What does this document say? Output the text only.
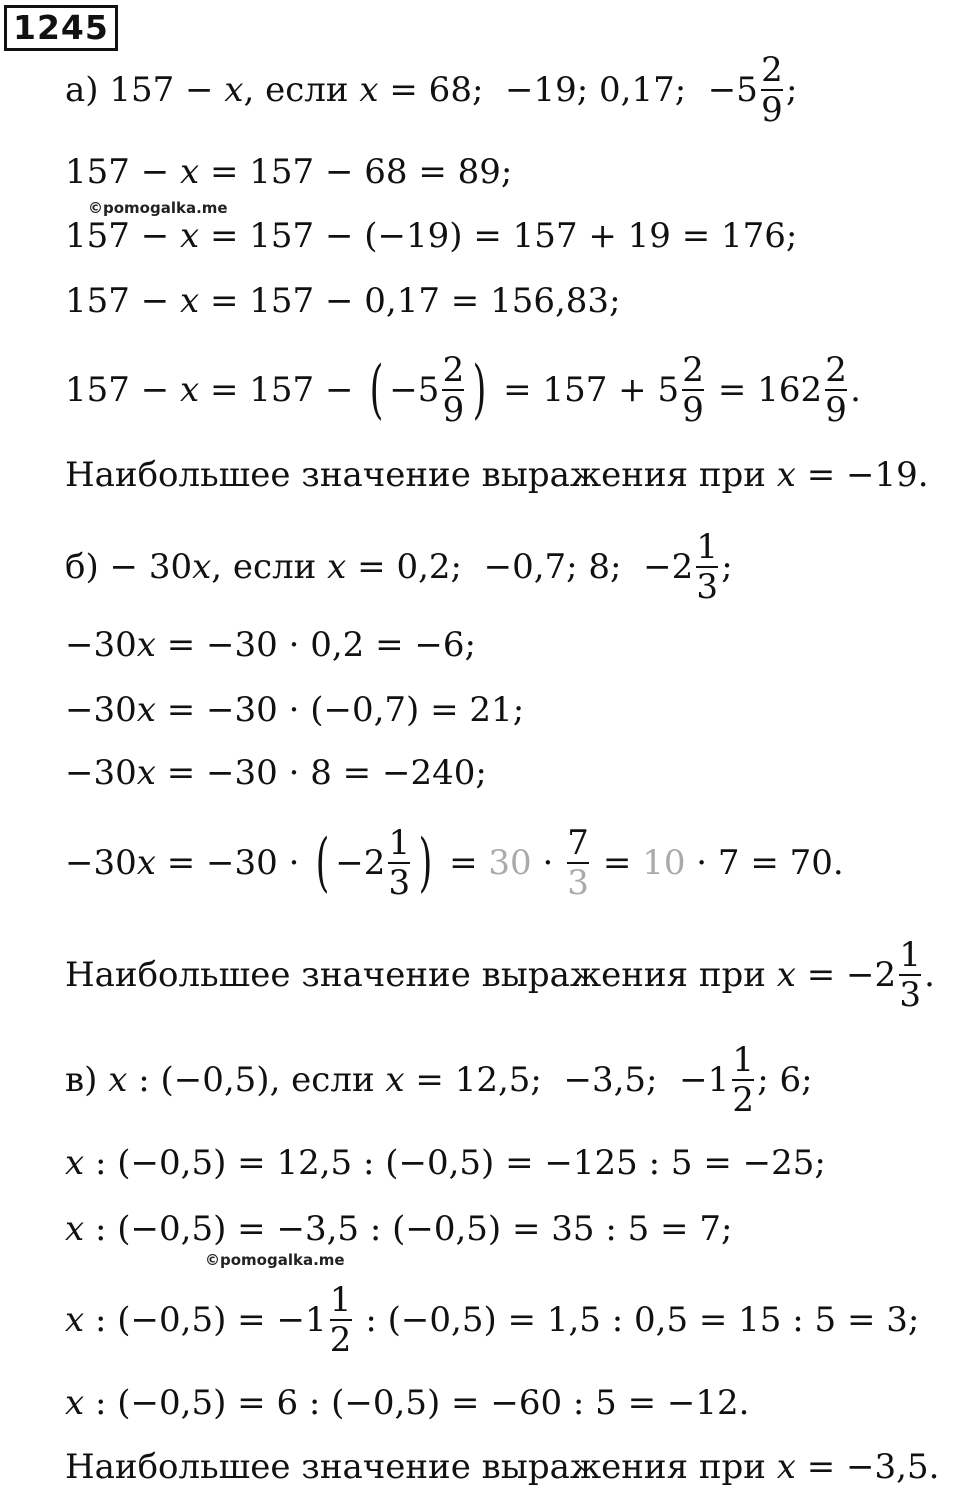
1245
©pomogalka.me
©pomogalka.me
а) 157 − x , если x = 68;  −19; 0,17;  $-5 \frac{2}{9}$ ;
157 − x = 157 − 68 = 89;
157 − x = 157 − (−19) = 157 + 19 = 176;
157 − x = 157 − 0,17 = 156,83;
157 − x = 157 − ( $-5 \frac{2}{9}$ ) = $157 + 5 \frac{2}{9} = 162 \frac{2}{9}$ .
Наибольшее значение выражения при x = −19.
б) − 30 x , если x = 0,2;  −0,7; 8;  $-2 \frac{1}{3}$ ;
−30 x = −30 · 0,2 = −6;
−30 x = −30 · (−0,7) = 21;
−30 x = −30 · 8 = −240;
−30 x = −30 · ( $-2 \frac{1}{3}$ ) = $30 \cdot \frac{7}{3} = 10 \cdot 7 = 70$.
Наибольшее значение выражения при $x = -2 \frac{1}{3}$ .
в) x : (−0,5), если x = 12,5;  −3,5;  $-1 \frac{1}{2}$ ; 6;
x : (−0,5) = 12,5 : (−0,5) = −125 : 5 = −25;
x : (−0,5) = −3,5 : (−0,5) = 35 : 5 = 7;
x : $(-0,5) = -1 \frac{1}{2}$ : (−0,5) = 1,5 : 0,5 = 15 : 5 = 3;
x : (−0,5) = 6 : (−0,5) = −60 : 5 = −12.
Наибольшее значение выражения при x = −3,5.
